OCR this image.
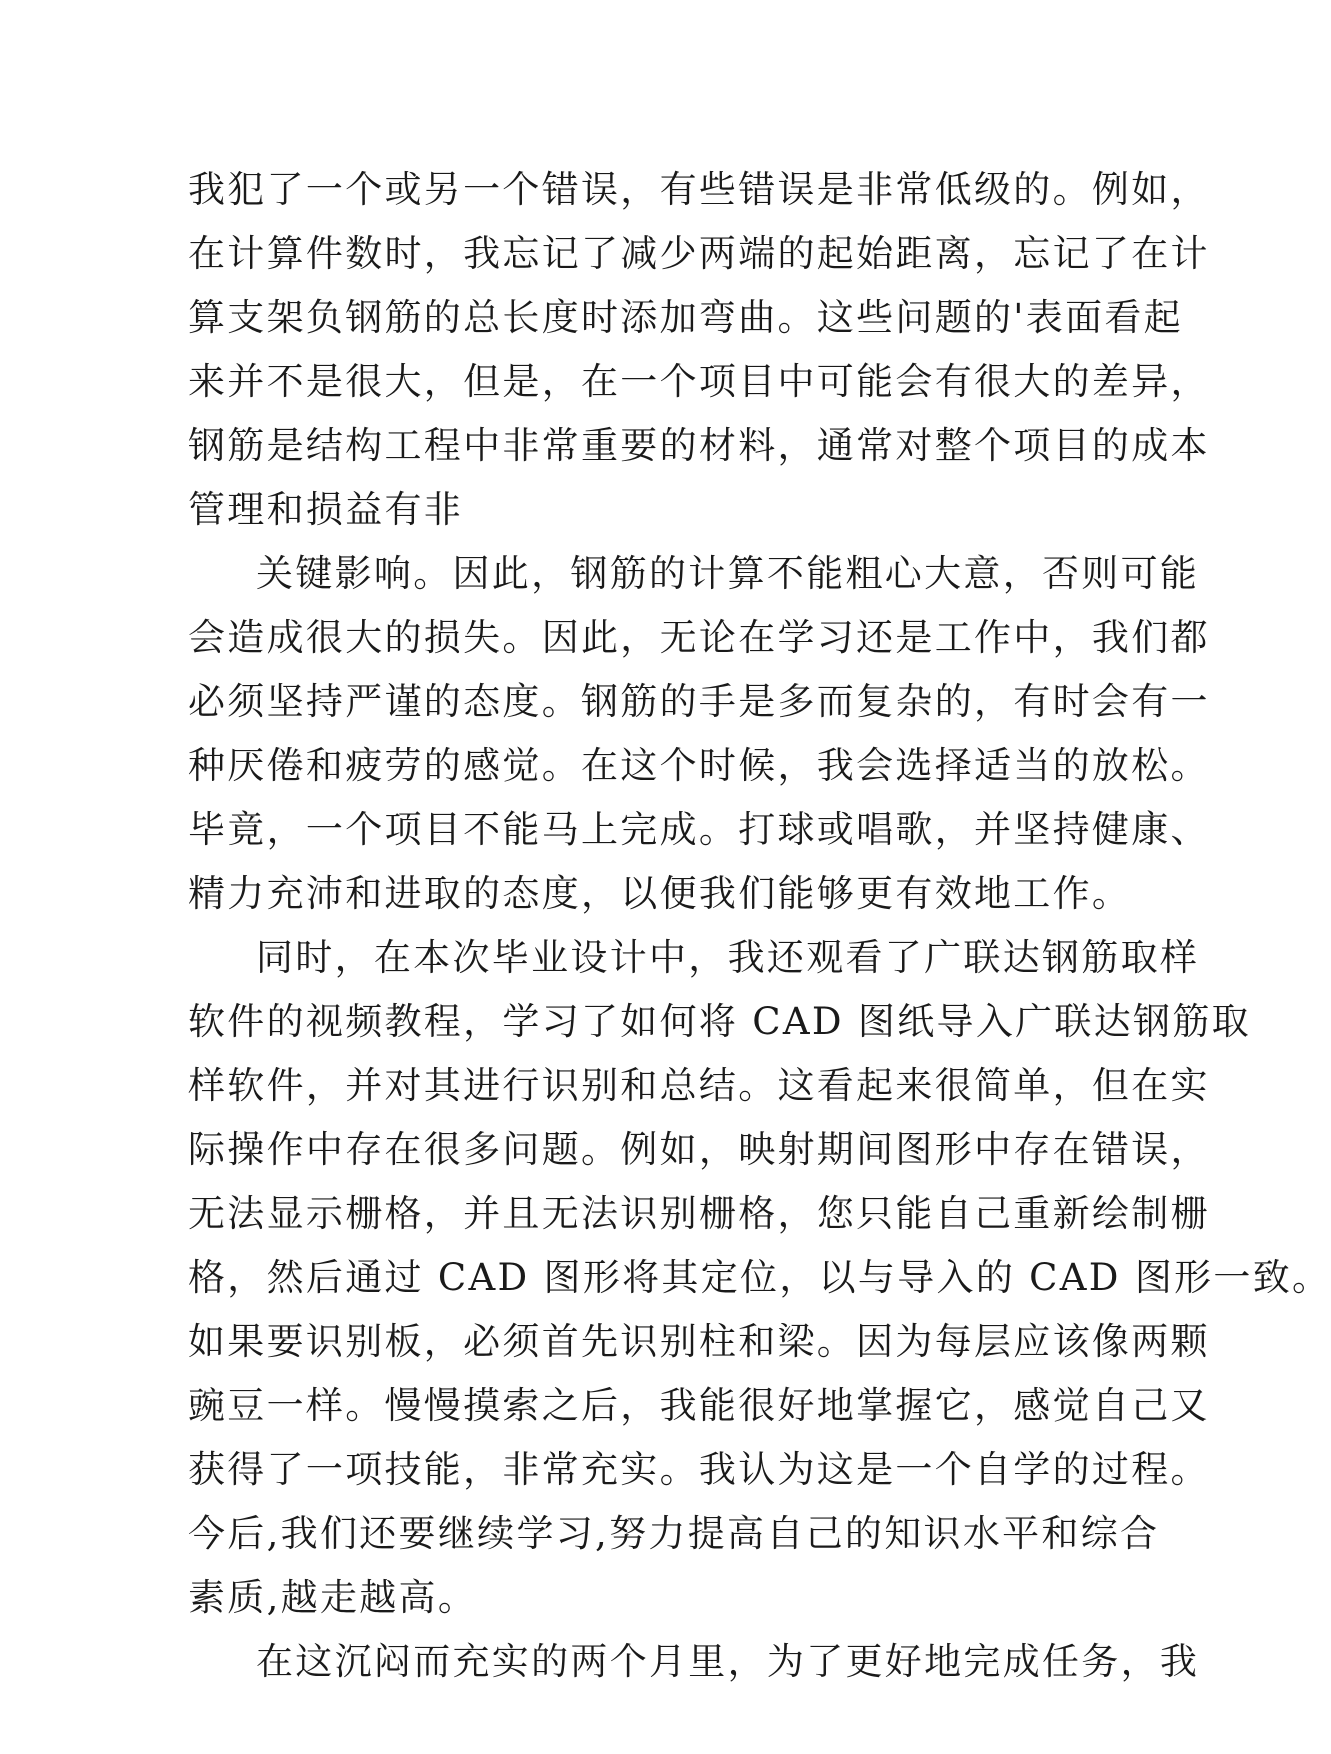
我犯了一个或另一个错误，有些错误是非常低级的。例如，
在计算件数时，我忘记了减少两端的起始距离，忘记了在计
算支架负钢筋的总长度时添加弯曲。这些问题的'表面看起
来并不是很大，但是，在一个项目中可能会有很大的差异，
钢筋是结构工程中非常重要的材料，通常对整个项目的成本
管理和损益有非
关键影响。因此，钢筋的计算不能粗心大意，否则可能
会造成很大的损失。因此，无论在学习还是工作中，我们都
必须坚持严谨的态度。钢筋的手是多而复杂的，有时会有一
种厌倦和疲劳的感觉。在这个时候，我会选择适当的放松。
毕竟，一个项目不能马上完成。打球或唱歌，并坚持健康、
精力充沛和进取的态度，以便我们能够更有效地工作。
同时，在本次毕业设计中，我还观看了广联达钢筋取样
软件的视频教程，学习了如何将 CAD 图纸导入广联达钢筋取
样软件，并对其进行识别和总结。这看起来很简单，但在实
际操作中存在很多问题。例如，映射期间图形中存在错误，
无法显示栅格，并且无法识别栅格，您只能自己重新绘制栅
格，然后通过 CAD 图形将其定位，以与导入的 CAD 图形一致。
如果要识别板，必须首先识别柱和梁。因为每层应该像两颗
豌豆一样。慢慢摸索之后，我能很好地掌握它，感觉自己又
获得了一项技能，非常充实。我认为这是一个自学的过程。
今后,我们还要继续学习,努力提高自己的知识水平和综合
素质,越走越高。
在这沉闷而充实的两个月里，为了更好地完成任务，我
